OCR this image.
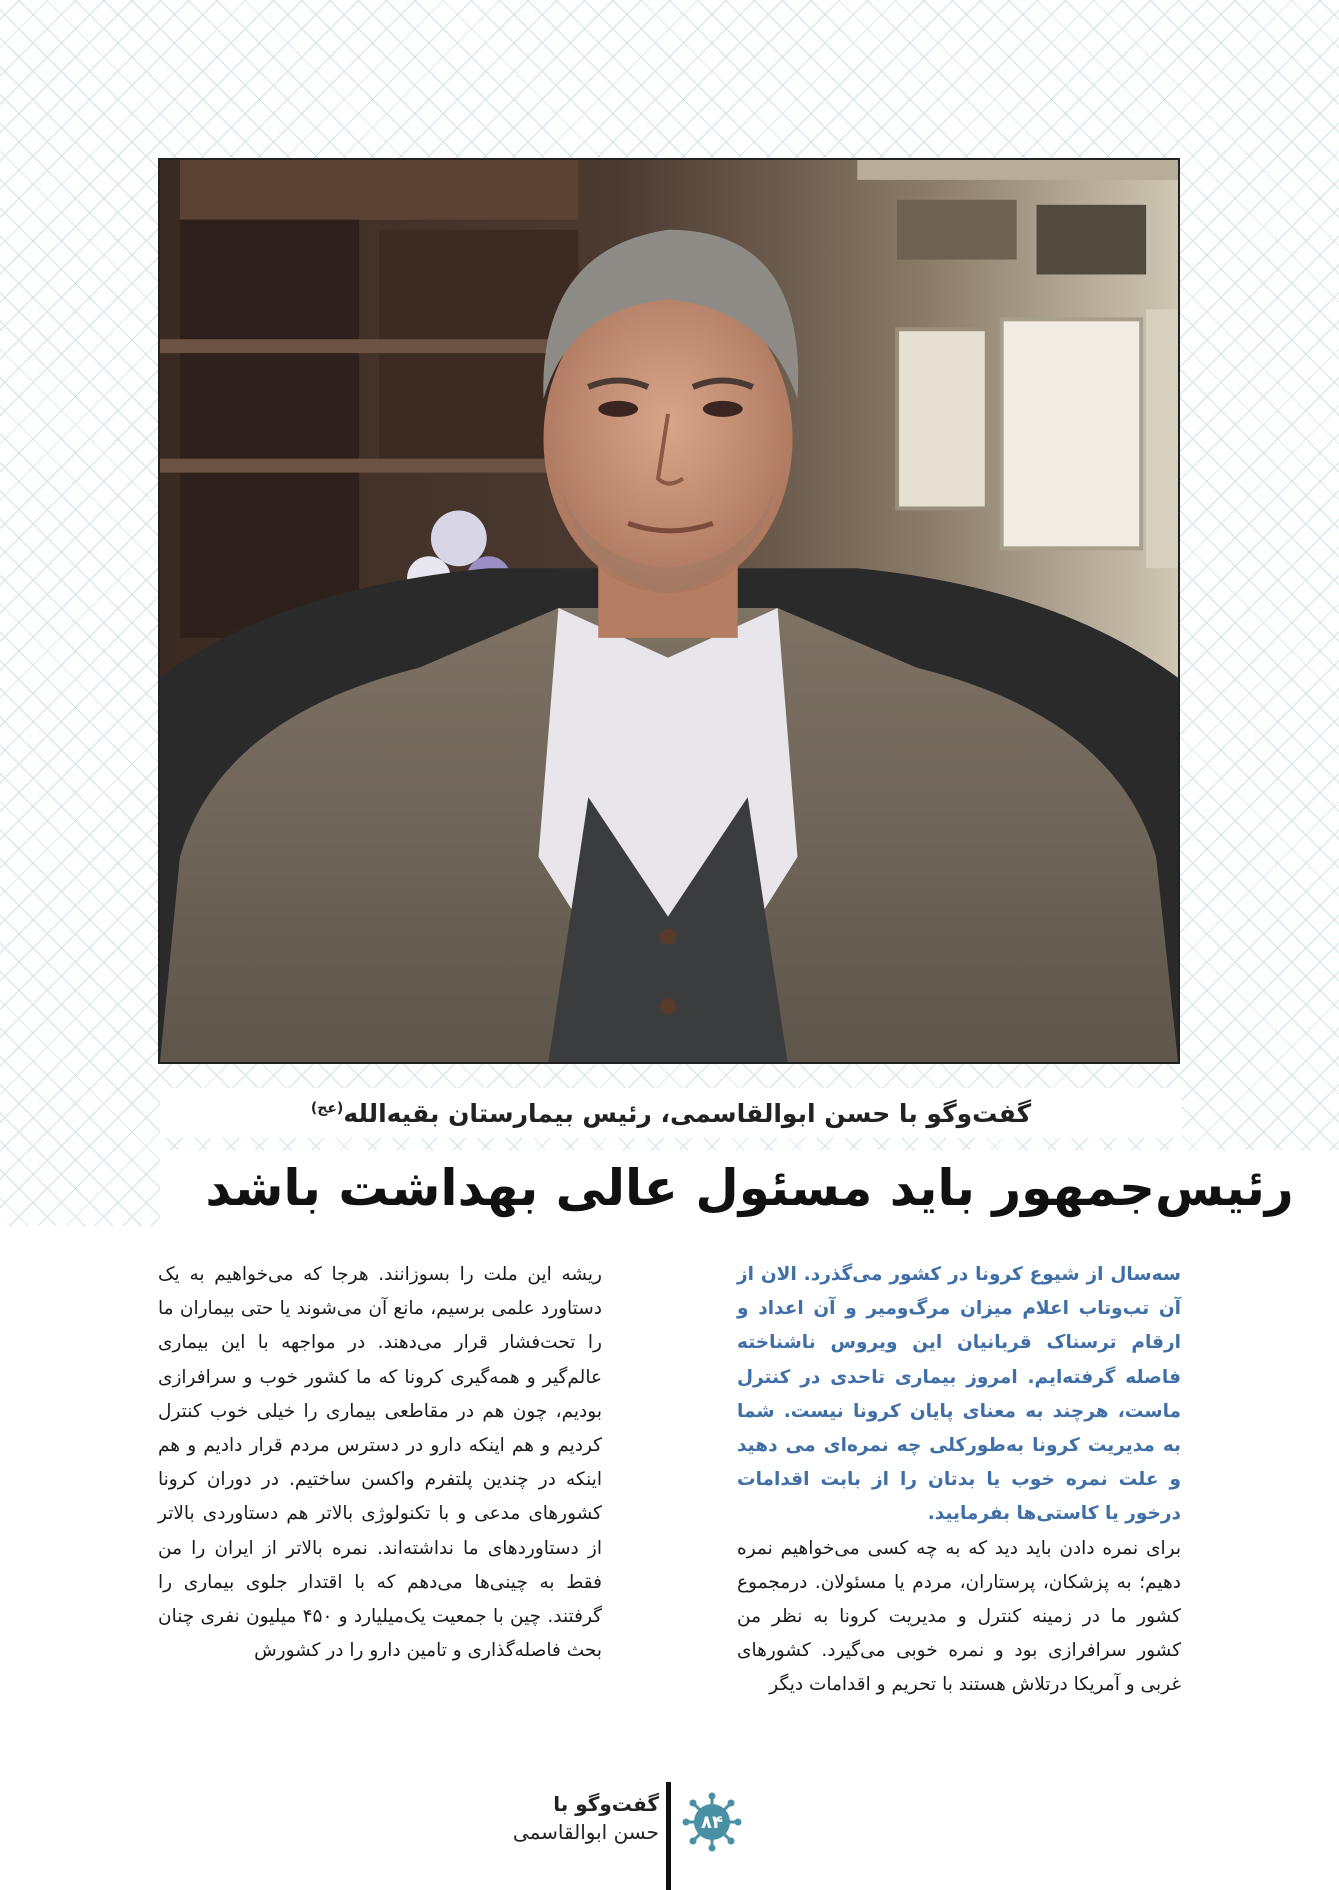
گفت‌وگو با حسن ابوالقاسمی، رئیس بیمارستان بقیه‌الله$^{(عج)}$
رئیس‌جمهور باید مسئول عالی بهداشت باشد

سه‌سال از شیوع کرونا در کشور می‌گذرد. الان از آن تب‌وتاب اعلام میزان مرگ‌ومیر و آن اعداد و ارقام ترسناک قربانیان این ویروس ناشناخته فاصله گرفته‌ایم. امروز بیماری تا‌حدی در کنترل ماست، هرچند به معنای پایان کرونا نیست. شما به مدیریت کرونا به‌طورکلی چه نمره‌ای می‌ دهید و علت نمره خوب یا بدتان را از بابت اقدامات درخور یا کاستی‌ها بفرمایید.

برای نمره دادن باید دید که به چه کسی می‌خواهیم نمره دهیم؛ به پزشکان، پرستاران، مردم یا مسئولان. درمجموع کشور ما در زمینه کنترل و مدیریت کرونا به نظر من کشور سرافرازی بود و نمره خوبی می‌گیرد. کشورهای غربی و آمریکا درتلاش هستند با تحریم و اقدامات دیگر

ریشه این ملت را بسوزانند. هرجا که می‌خواهیم به یک دستاورد علمی برسیم، مانع آن می‌شوند یا حتی بیماران ما را تحت‌فشار قرار می‌دهند. در مواجهه با این بیماری عالم‌گیر و همه‌گیری کرونا که ما کشور خوب و سرافرازی بودیم، چون هم در مقاطعی بیماری را خیلی خوب کنترل کردیم و هم اینکه دارو در دسترس مردم قرار دادیم و هم اینکه در چندین پلتفرم واکسن ساختیم. در دوران کرونا کشورهای مدعی و با تکنولوژی بالاتر هم دستاوردی بالاتر از دستاوردهای ما نداشته‌اند. نمره بالاتر از ایران را من فقط به چینی‌ها می‌دهم که با اقتدار جلوی بیماری را گرفتند. چین با جمعیت یک‌میلیارد و ۴۵۰ میلیون نفری چنان بحث فاصله‌گذاری و تامین دارو را در کشورش

۸۴
گفت‌وگو با
حسن ابوالقاسمی
